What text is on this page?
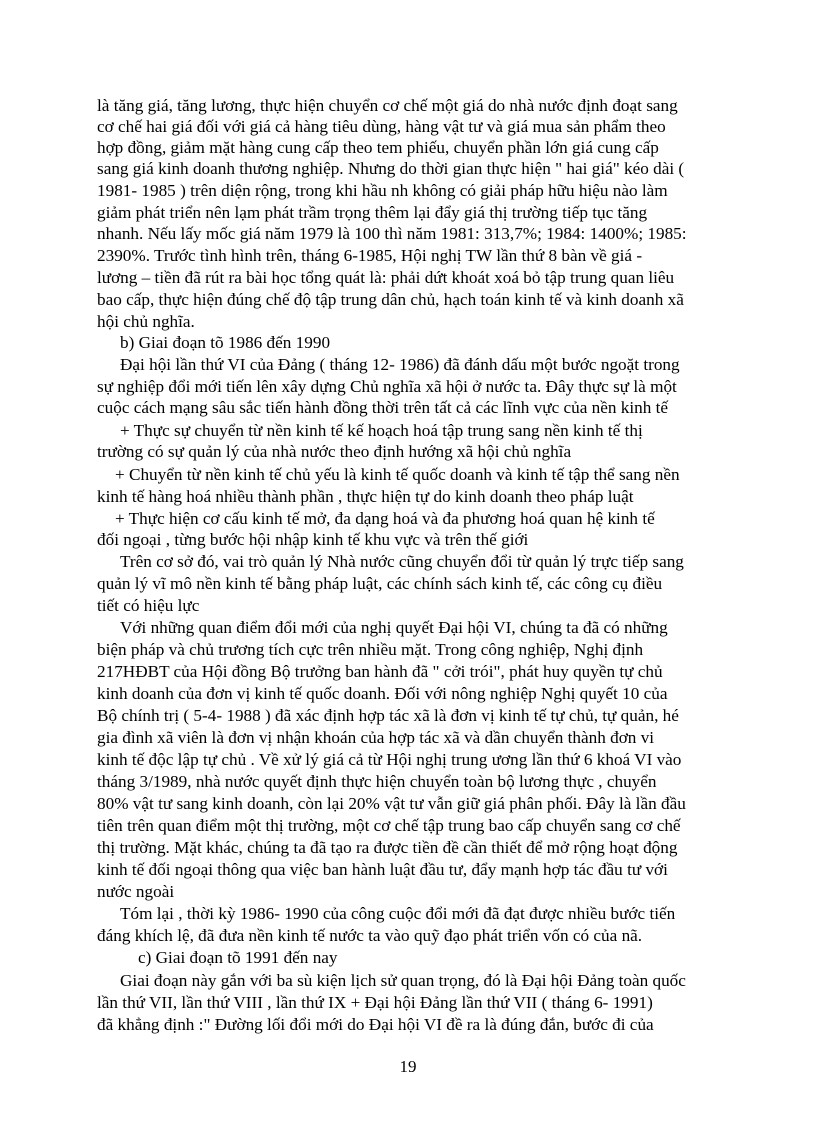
là tăng giá, tăng lương, thực hiện chuyển cơ chế một giá do nhà nước định đoạt sang
cơ chế hai giá đối với giá cả hàng tiêu dùng, hàng vật tư và giá mua sản phẩm theo
hợp đồng, giảm mặt hàng cung cấp theo tem phiếu, chuyển phần lớn giá cung cấp
sang giá kinh doanh thương nghiệp. Nhưng do thời gian thực hiện " hai giá" kéo dài (
1981- 1985 ) trên diện rộng, trong khi hầu nh không có giải pháp hữu hiệu nào làm
giảm phát triển nên lạm phát trầm trọng thêm lại đẩy giá thị trường tiếp tục tăng
nhanh. Nếu lấy mốc giá năm 1979 là 100 thì năm 1981: 313,7%; 1984: 1400%; 1985:
2390%. Trước tình hình trên, tháng 6-1985, Hội nghị TW lần thứ 8 bàn về giá -
lương – tiền đã rút ra bài học tổng quát là: phải dứt khoát xoá bỏ tập trung quan liêu
bao cấp, thực hiện đúng chế độ tập trung dân chủ, hạch toán kinh tế và kinh doanh xã
hội chủ nghĩa.
b) Giai đoạn tõ 1986 đến 1990
Đại hội lần thứ VI của Đảng ( tháng 12- 1986) đã đánh dấu một bước ngoặt trong
sự nghiệp đổi mới tiến lên xây dựng Chủ nghĩa xã hội ở nước ta. Đây thực sự là một
cuộc cách mạng sâu sắc tiến hành đồng thời trên tất cả các lĩnh vực của nền kinh tế
+ Thực sự chuyển từ nền kinh tế kế hoạch hoá tập trung sang nền kinh tế thị
trường có sự quản lý của nhà nước theo định hướng xã hội chủ nghĩa
+ Chuyển từ nền kinh tế chủ yếu là kinh tế quốc doanh và kinh tế tập thể sang nền
kinh tế hàng hoá nhiều thành phần , thực hiện tự do kinh doanh theo pháp luật
+ Thực hiện cơ cấu kinh tế mở, đa dạng hoá và đa phương hoá quan hệ kinh tế
đối ngoại , từng bước hội nhập kinh tế khu vực và trên thế giới
Trên cơ sở đó, vai trò quản lý Nhà nước cũng chuyển đổi từ quản lý trực tiếp sang
quản lý vĩ mô nền kinh tế bằng pháp luật, các chính sách kinh tế, các công cụ điều
tiết có hiệu lực
Với những quan điểm đổi mới của nghị quyết Đại hội VI, chúng ta đã có những
biện pháp và chủ trương tích cực trên nhiều mặt. Trong công nghiệp, Nghị định
217HĐBT của Hội đồng Bộ trưởng ban hành đã " cởi trói", phát huy quyền tự chủ
kinh doanh của đơn vị kinh tế quốc doanh. Đối với nông nghiệp Nghị quyết 10 của
Bộ chính trị ( 5-4- 1988 ) đã xác định hợp tác xã là đơn vị kinh tế tự chủ, tự quản, hé
gia đình xã viên là đơn vị nhận khoán của hợp tác xã và dần chuyển thành đơn vi
kinh tế độc lập tự chủ . Về xử lý giá cả từ Hội nghị trung ương lần thứ 6 khoá VI vào
tháng 3/1989, nhà nước quyết định thực hiện chuyển toàn bộ lương thực , chuyển
80% vật tư sang kinh doanh, còn lại 20% vật tư vẫn giữ giá phân phối. Đây là lần đầu
tiên trên quan điểm một thị trường, một cơ chế tập trung bao cấp chuyển sang cơ chế
thị trường. Mặt khác, chúng ta đã tạo ra được tiền đề cần thiết để mở rộng hoạt động
kinh tế đối ngoại thông qua việc ban hành luật đầu tư, đẩy mạnh hợp tác đầu tư với
nước ngoài
Tóm lại , thời kỳ 1986- 1990 của công cuộc đổi mới đã đạt được nhiều bước tiến
đáng khích lệ, đã đưa nền kinh tế nước ta vào quỹ đạo phát triển vốn có của nã.
c) Giai đoạn tõ 1991 đến nay
Giai đoạn này gắn với ba sù kiện lịch sử quan trọng, đó là Đại hội Đảng toàn quốc
lần thứ VII, lần thứ VIII , lần thứ IX + Đại hội Đảng lần thứ VII ( tháng 6- 1991)
đã khẳng định :" Đường lối đổi mới do Đại hội VI đề ra là đúng đắn, bước đi của
19
